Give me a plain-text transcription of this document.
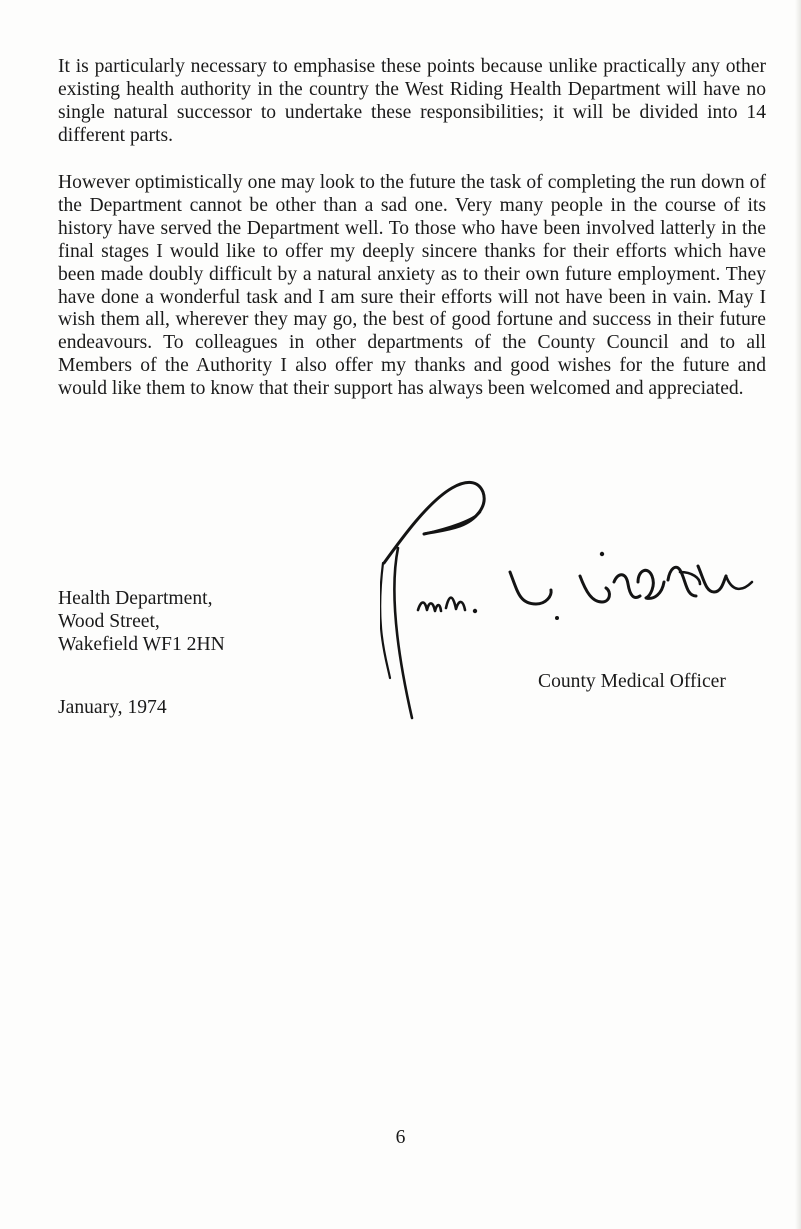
It is particularly necessary to emphasise these points because unlike practically any other existing health authority in the country the West Riding Health Department will have no single natural successor to undertake these responsibilities; it will be divided into 14 different parts.

However optimistically one may look to the future the task of completing the run down of the Department cannot be other than a sad one. Very many people in the course of its history have served the Department well. To those who have been involved latterly in the final stages I would like to offer my deeply sincere thanks for their efforts which have been made doubly difficult by a natural anxiety as to their own future employment. They have done a wonderful task and I am sure their efforts will not have been in vain. May I wish them all, wherever they may go, the best of good fortune and success in their future endeavours. To colleagues in other departments of the County Council and to all Members of the Authority I also offer my thanks and good wishes for the future and would like them to know that their support has always been welcomed and appreciated.

Health Department,
Wood Street,
Wakefield WF1 2HN
January, 1974
County Medical Officer
6
